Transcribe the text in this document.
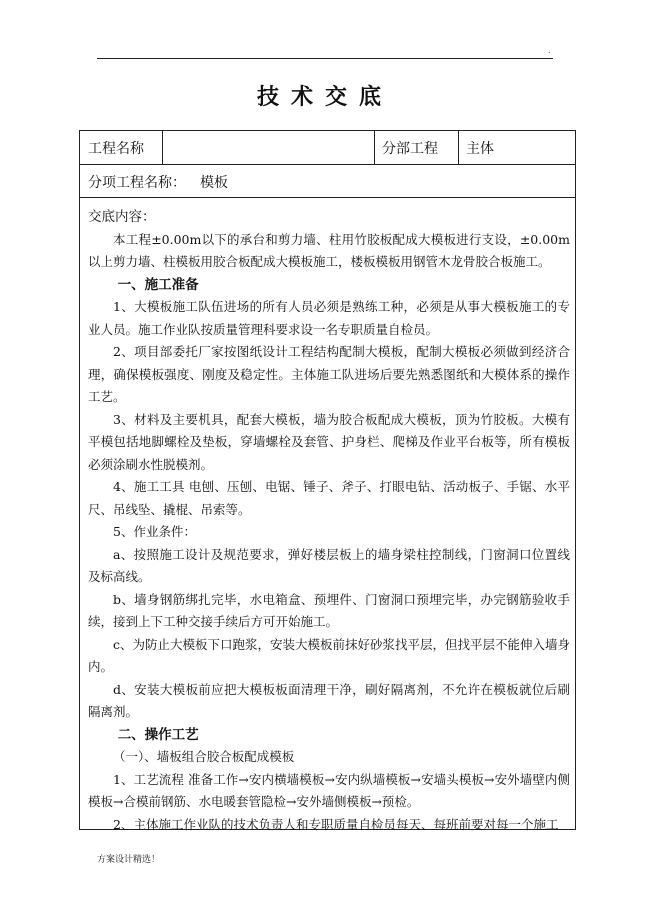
.
技术交底
工程名称	分部工程 主体
分项工程名称： 模板

交底内容：

本工程±0.00m以下的承台和剪力墙、柱用竹胶板配成大模板进行支设，±0.00m以上剪力墙、柱模板用胶合板配成大模板施工，楼板模板用钢管木龙骨胶合板施工。

一、施工准备

1、大模板施工队伍进场的所有人员必须是熟练工种，必须是从事大模板施工的专业人员。施工作业队按质量管理科要求设一名专职质量自检员。

2、项目部委托厂家按图纸设计工程结构配制大模板，配制大模板必须做到经济合理，确保模板强度、刚度及稳定性。主体施工队进场后要先熟悉图纸和大模体系的操作工艺。

3、材料及主要机具，配套大模板，墙为胶合板配成大模板，顶为竹胶板。大模有平模包括地脚螺栓及垫板，穿墙螺栓及套管、护身栏、爬梯及作业平台板等，所有模板必须涂刷水性脱模剂。

4、施工工具 电刨、压刨、电锯、锤子、斧子、打眼电钻、活动板子、手锯、水平尺、吊线坠、撬棍、吊索等。

5、作业条件：

a、按照施工设计及规范要求，弹好楼层板上的墙身梁柱控制线，门窗洞口位置线及标高线。

b、墙身钢筋绑扎完毕，水电箱盒、预埋件、门窗洞口预埋完毕，办完钢筋验收手续，接到上下工种交接手续后方可开始施工。

c、为防止大模板下口跑浆，安装大模板前抹好砂浆找平层，但找平层不能伸入墙身内。

d、安装大模板前应把大模板板面清理干净，刷好隔离剂，不允许在模板就位后刷隔离剂。

二、操作工艺

（一）、墙板组合胶合板配成模板

1、工艺流程 准备工作→安内横墙模板→安内纵墙模板→安墙头模板→安外墙壁内侧模板→合模前钢筋、水电暖套管隐检→安外墙侧模板→预检。

2、主体施工作业队的技术负责人和专职质量自检员每天、每班前要对每一个施工

方案设计精选！
